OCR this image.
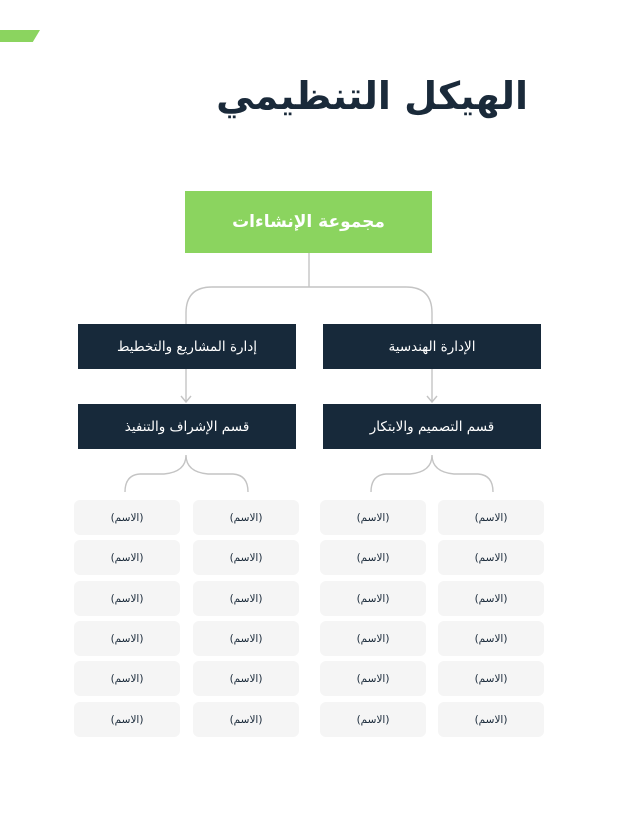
الهيكل التنظيمي
مجموعة الإنشاءات
الإدارة الهندسية
إدارة المشاريع والتخطيط
قسم التصميم والابتكار
قسم الإشراف والتنفيذ
(الاسم)
(الاسم)
(الاسم)
(الاسم)
(الاسم)
(الاسم)
(الاسم)
(الاسم)
(الاسم)
(الاسم)
(الاسم)
(الاسم)
(الاسم)
(الاسم)
(الاسم)
(الاسم)
(الاسم)
(الاسم)
(الاسم)
(الاسم)
(الاسم)
(الاسم)
(الاسم)
(الاسم)
